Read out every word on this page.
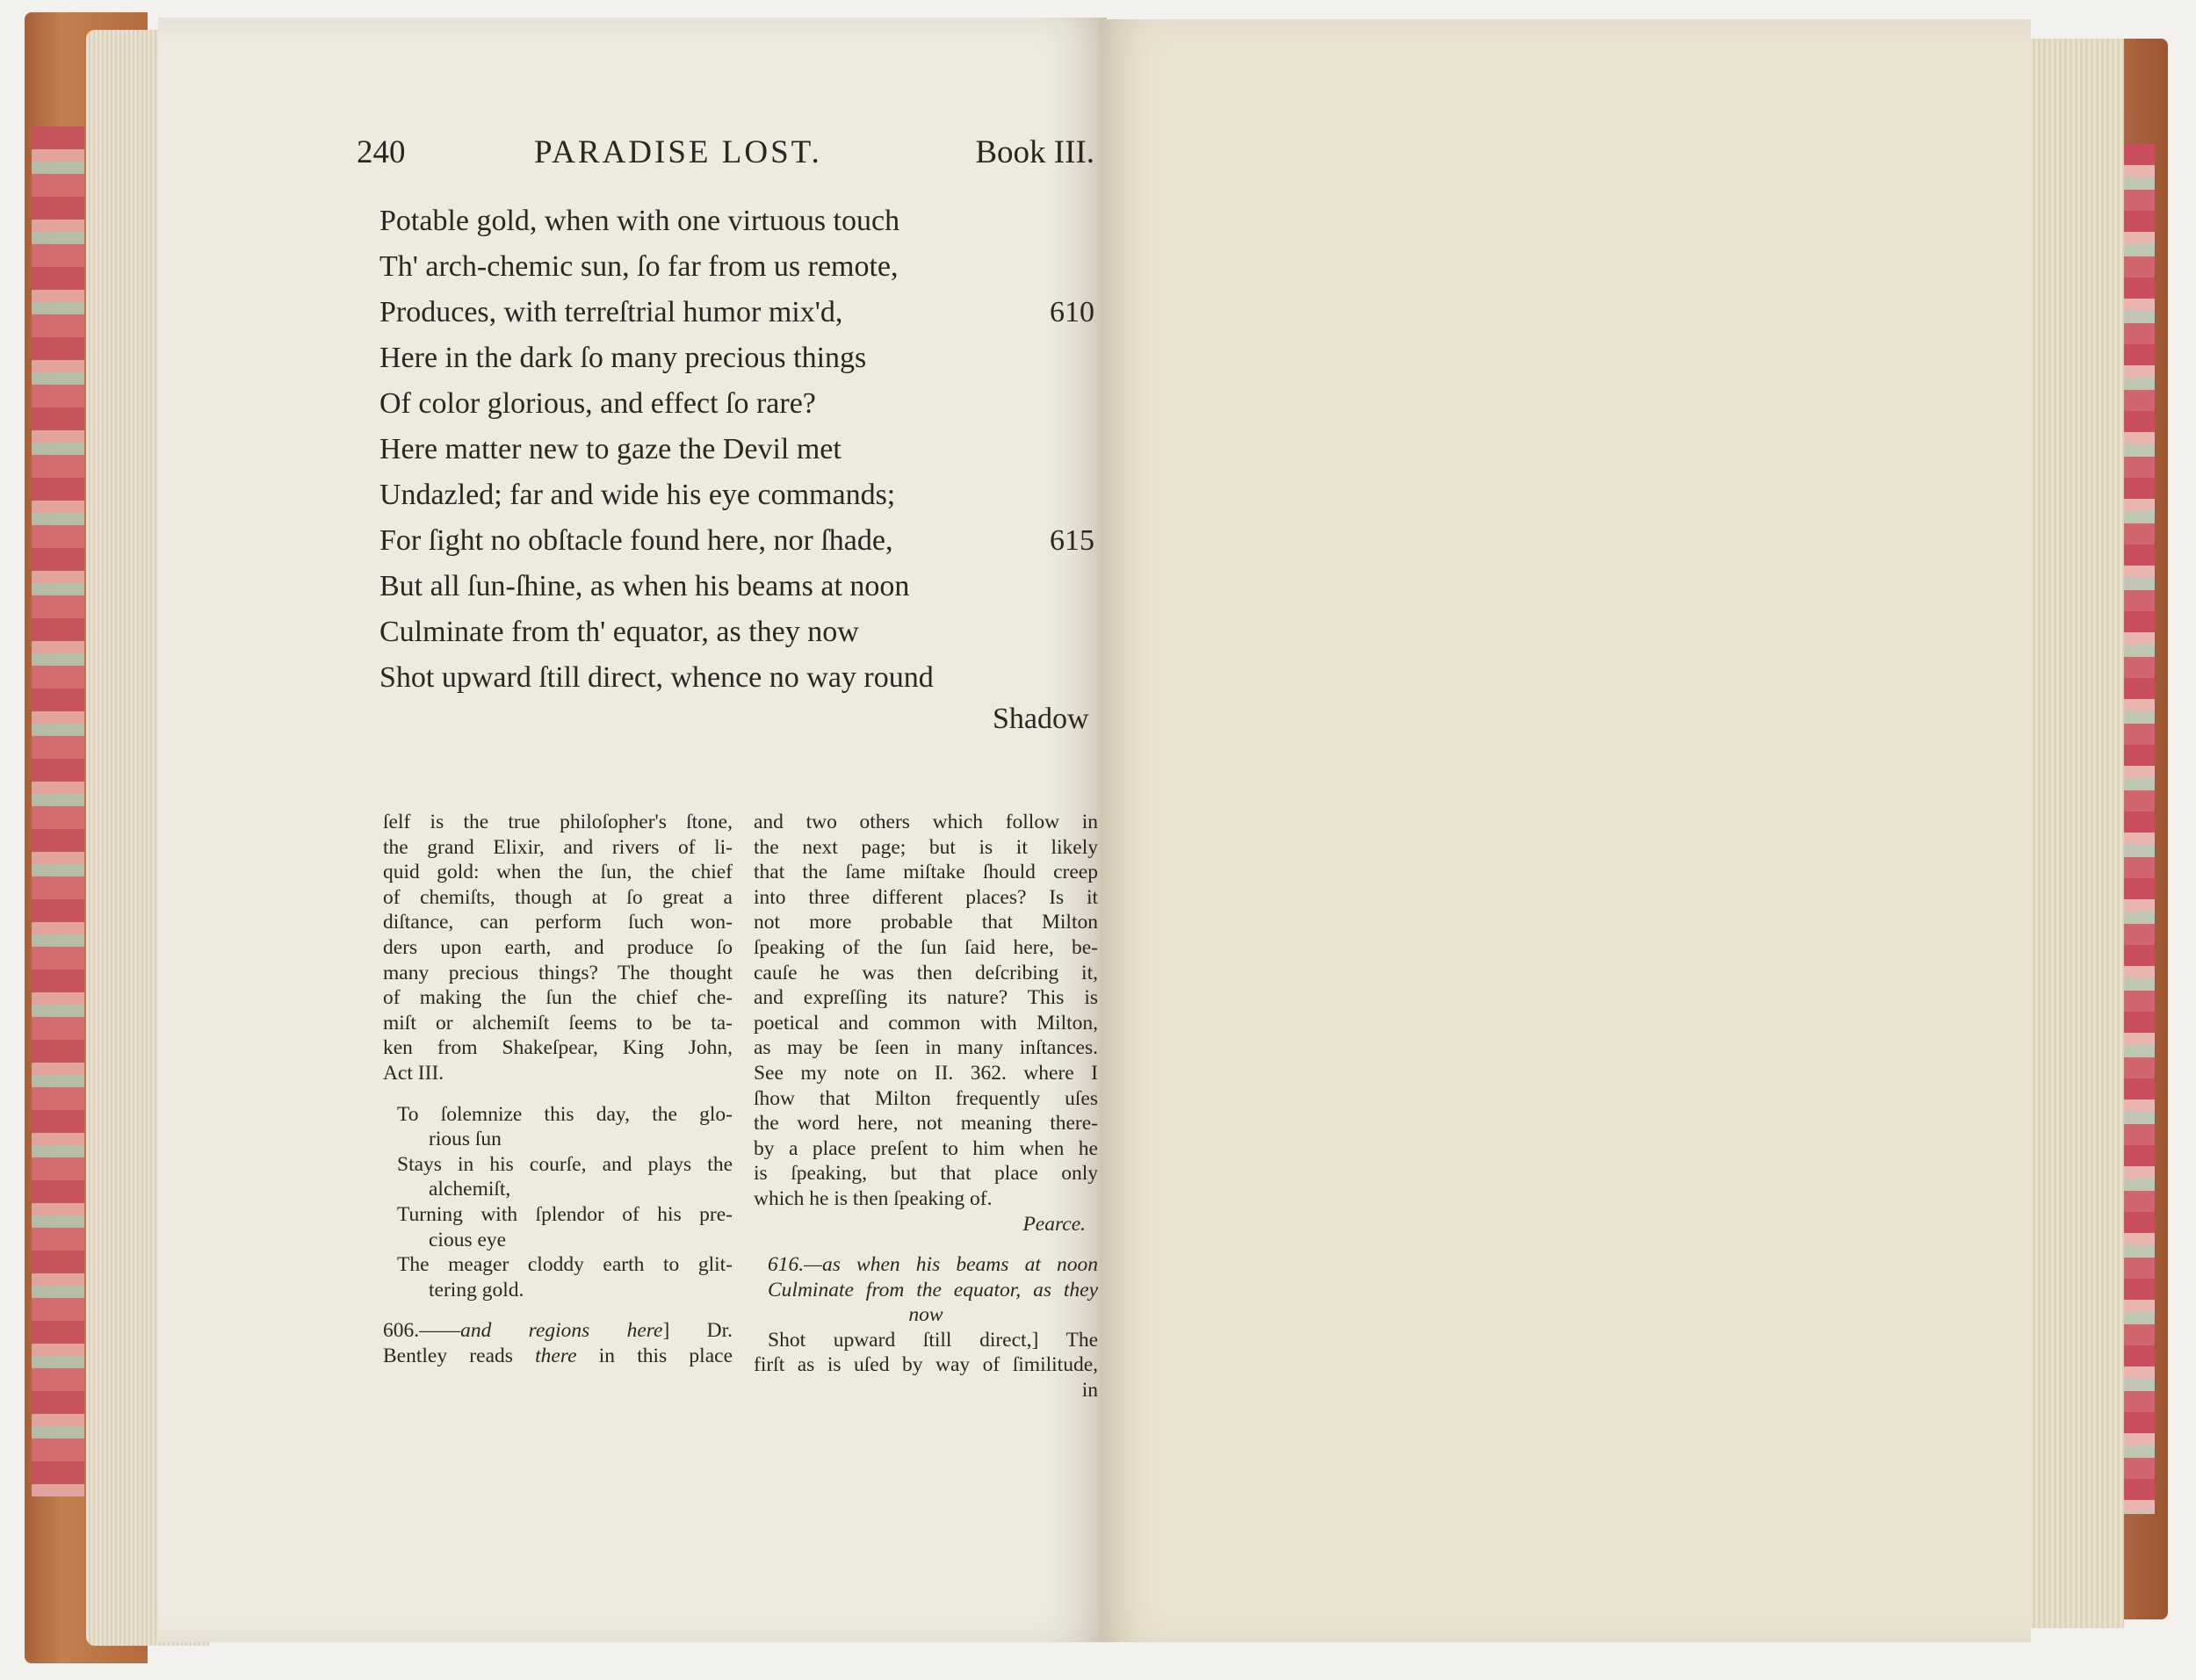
240	PARADISE LOST.	Book III.
Potable gold, when with one virtuous touch
Th' arch-chemic sun, ſo far from us remote,
Produces, with terreſtrial humor mix'd,	610
Here in the dark ſo many precious things
Of color glorious, and effect ſo rare?
Here matter new to gaze the Devil met
Undazled; far and wide his eye commands;
For ſight no obſtacle found here, nor ſhade,	615
But all ſun-ſhine, as when his beams at noon
Culminate from th' equator, as they now
Shot upward ſtill direct, whence no way round
Shadow
ſelf is the true philoſopher's ſtone,
the grand Elixir, and rivers of li-
quid gold: when the ſun, the chief
of chemiſts, though at ſo great a
diſtance, can perform ſuch won-
ders upon earth, and produce ſo
many precious things? The thought
of making the ſun the chief che-
miſt or alchemiſt ſeems to be ta-
ken from Shakeſpear, King John,
Act III.
To ſolemnize this day, the glo-
rious ſun
Stays in his courſe, and plays the
alchemiſt,
Turning with ſplendor of his pre-
cious eye
The meager cloddy earth to glit-
tering gold.
606.——and regions here] Dr.
Bentley reads there in this place
and two others which follow in
the next page; but is it likely
that the ſame miſtake ſhould creep
into three different places? Is it
not more probable that Milton
ſpeaking of the ſun ſaid here, be-
cauſe he was then deſcribing it,
and expreſſing its nature? This is
poetical and common with Milton,
as may be ſeen in many inſtances.
See my note on II. 362. where I
ſhow that Milton frequently uſes
the word here, not meaning there-
by a place preſent to him when he
is ſpeaking, but that place only
which he is then ſpeaking of.
Pearce.
616.—as when his beams at noon
Culminate from the equator, as they
now
Shot upward ſtill direct,] The
firſt as is uſed by way of ſimilitude,
in
